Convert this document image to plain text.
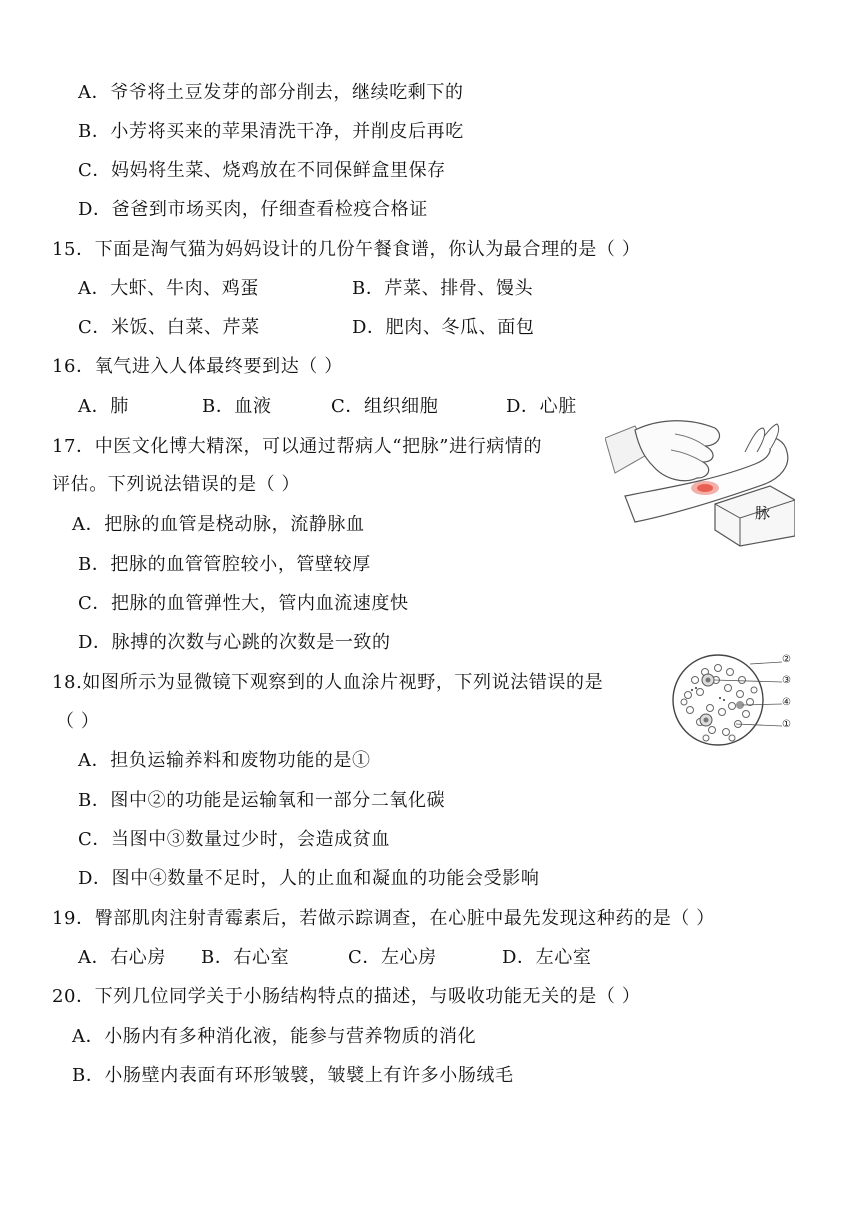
A．爷爷将土豆发芽的部分削去，继续吃剩下的
B．小芳将买来的苹果清洗干净，并削皮后再吃
C．妈妈将生菜、烧鸡放在不同保鲜盒里保存
D．爸爸到市场买肉，仔细查看检疫合格证
15．下面是淘气猫为妈妈设计的几份午餐食谱，你认为最合理的是（ ）
A．大虾、牛肉、鸡蛋	B．芹菜、排骨、馒头
C．米饭、白菜、芹菜	D．肥肉、冬瓜、面包
16．氧气进入人体最终要到达（ ）
A．肺	B．血液	C．组织细胞	D．心脏
17．中医文化博大精深，可以通过帮病人“把脉”进行病情的
评估。下列说法错误的是（ ）
脉
A．把脉的血管是桡动脉，流静脉血
B．把脉的血管管腔较小，管壁较厚
C．把脉的血管弹性大，管内血流速度快
D．脉搏的次数与心跳的次数是一致的
18.如图所示为显微镜下观察到的人血涂片视野，下列说法错误的是
（ ）
②
③
④
①
A．担负运输养料和废物功能的是①
B．图中②的功能是运输氧和一部分二氧化碳
C．当图中③数量过少时，会造成贫血
D．图中④数量不足时，人的止血和凝血的功能会受影响
19．臀部肌肉注射青霉素后，若做示踪调查，在心脏中最先发现这种药的是（ ）
A．右心房 B．右心室	C．左心房	D．左心室
20．下列几位同学关于小肠结构特点的描述，与吸收功能无关的是（ ）
A．小肠内有多种消化液，能参与营养物质的消化
B．小肠壁内表面有环形皱襞，皱襞上有许多小肠绒毛
